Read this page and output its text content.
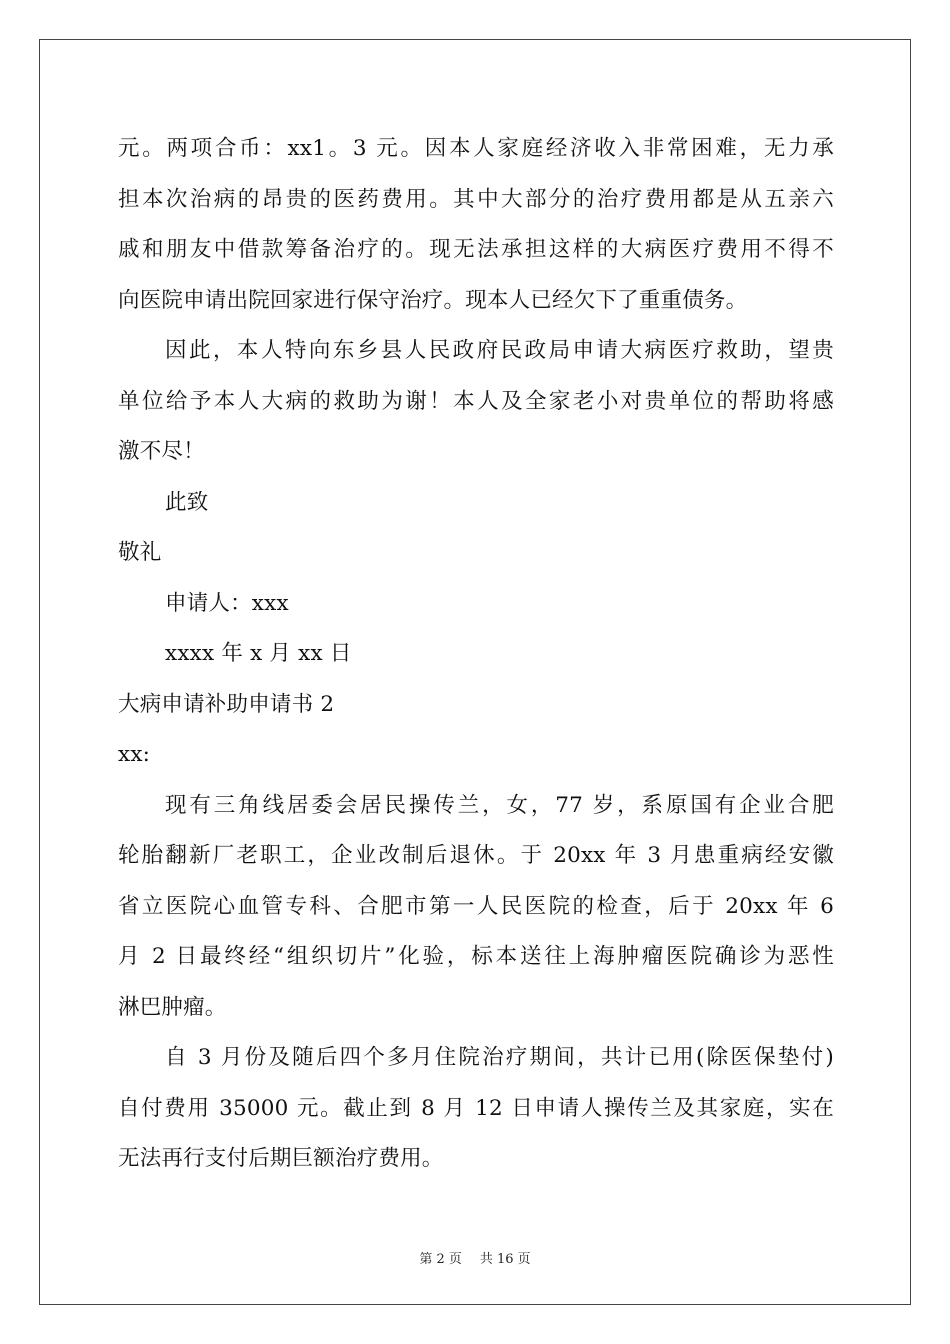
元。两项合币：xx1。3 元。因本人家庭经济收入非常困难，无力承
担本次治病的昂贵的医药费用。其中大部分的治疗费用都是从五亲六
戚和朋友中借款筹备治疗的。现无法承担这样的大病医疗费用不得不
向医院申请出院回家进行保守治疗。现本人已经欠下了重重债务。
因此，本人特向东乡县人民政府民政局申请大病医疗救助，望贵
单位给予本人大病的救助为谢！本人及全家老小对贵单位的帮助将感
激不尽！
此致
敬礼
申请人：xxx
xxxx 年 x 月 xx 日
大病申请补助申请书 2
xx:
现有三角线居委会居民操传兰，女，77 岁，系原国有企业合肥
轮胎翻新厂老职工，企业改制后退休。于 20xx 年 3 月患重病经安徽
省立医院心血管专科、合肥市第一人民医院的检查，后于 20xx 年 6
月 2 日最终经“组织切片”化验，标本送往上海肿瘤医院确诊为恶性
淋巴肿瘤。
自 3 月份及随后四个多月住院治疗期间，共计已用(除医保垫付)
自付费用 35000 元。截止到 8 月 12 日申请人操传兰及其家庭，实在
无法再行支付后期巨额治疗费用。
第 2 页 共 16 页
